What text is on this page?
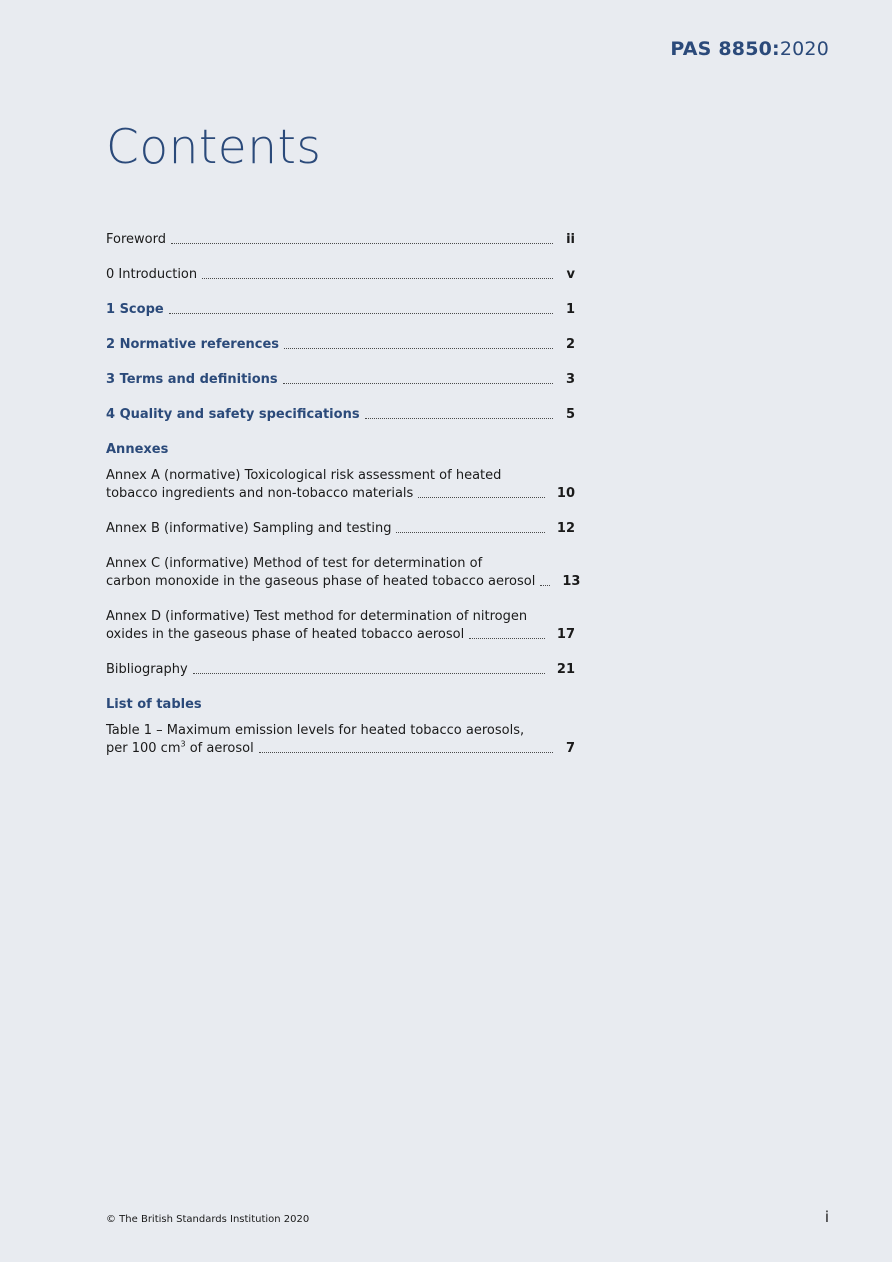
PAS 8850:2020
Contents
Foreword	ii
0 Introduction	v
1 Scope	1
2 Normative references	2
3 Terms and definitions	3
4 Quality and safety specifications	5
Annexes
Annex A (normative) Toxicological risk assessment of heated
tobacco ingredients and non-tobacco materials	10
Annex B (informative) Sampling and testing	12
Annex C (informative) Method of test for determination of
carbon monoxide in the gaseous phase of heated tobacco aerosol 13
Annex D (informative) Test method for determination of nitrogen
oxides in the gaseous phase of heated tobacco aerosol	17
Bibliography	21
List of tables
Table 1 – Maximum emission levels for heated tobacco aerosols,
per 100 $cm^3$ of aerosol	7
© The British Standards Institution 2020	i
